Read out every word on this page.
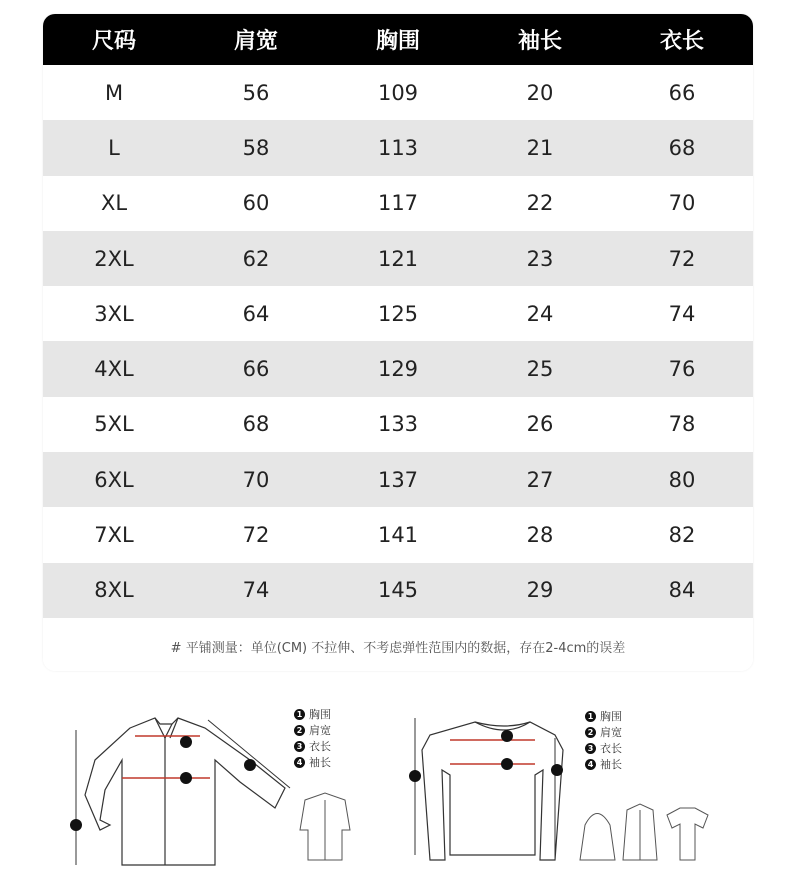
尺码	肩宽	胸围	袖长	衣长
M	56	109	20	66
L	58	113	21	68
XL	60	117	22	70
2XL	62	121	23	72
3XL	64	125	24	74
4XL	66	129	25	76
5XL	68	133	26	78
6XL	70	137	27	80
7XL	72	141	28	82
8XL	74	145	29	84
# 平铺测量：单位(CM) 不拉伸、不考虑弹性范围内的数据，存在2-4cm的误差
1 胸围
2 肩宽
3 衣长
4 袖长
1 胸围
2 肩宽
3 衣长
4 袖长
